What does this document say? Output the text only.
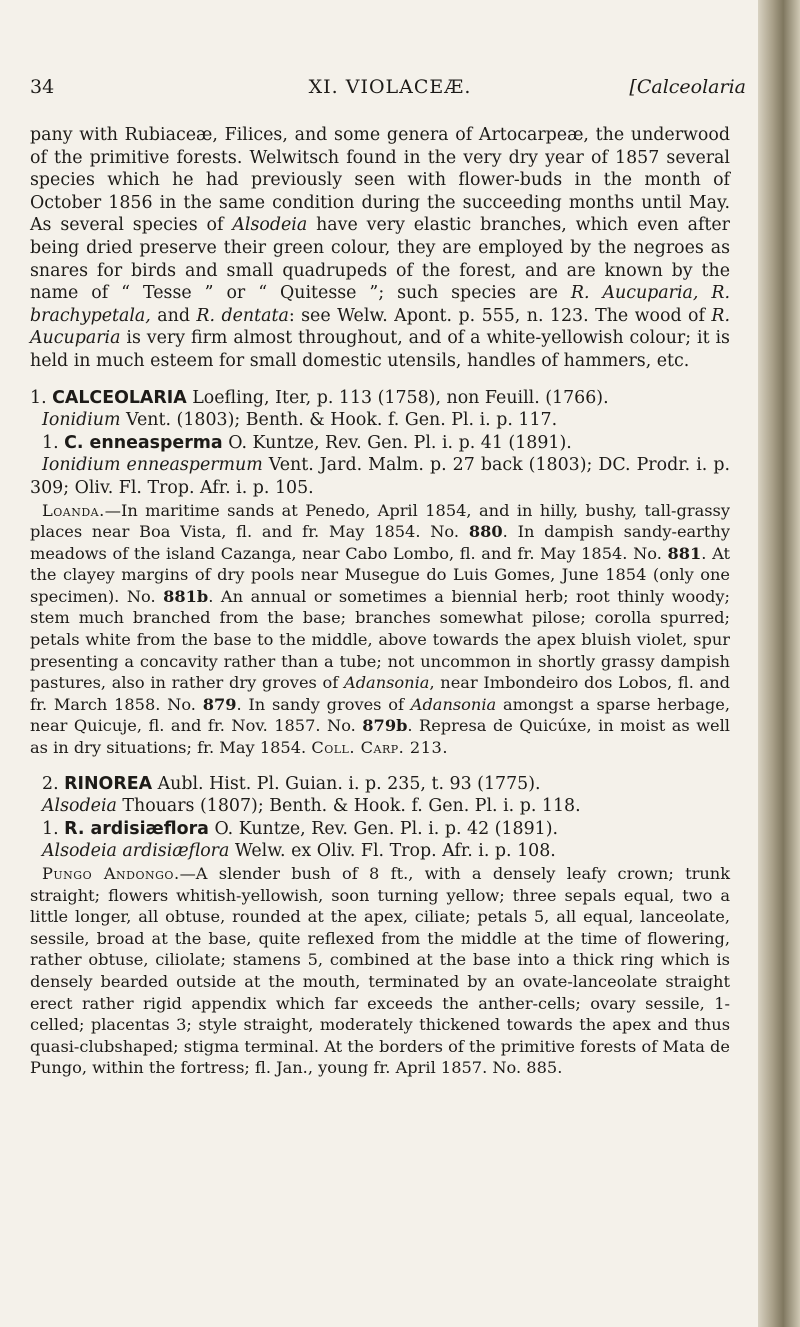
34	XI. VIOLACEÆ.	[Calceolaria

pany with Rubiaceæ, Filices, and some genera of Artocarpeæ, the underwood of the primitive forests. Welwitsch found in the very dry year of 1857 several species which he had previously seen with flower-buds in the month of October 1856 in the same condition during the succeeding months until May. As several species of Alsodeia have very elastic branches, which even after being dried preserve their green colour, they are employed by the negroes as snares for birds and small quadrupeds of the forest, and are known by the name of “ Tesse ” or “ Quitesse ”; such species are R. Aucuparia, R. brachypetala, and R. dentata: see Welw. Apont. p. 555, n. 123. The wood of R. Aucuparia is very firm almost throughout, and of a white-yellowish colour; it is held in much esteem for small domestic utensils, handles of hammers, etc.

1. CALCEOLARIA Loefling, Iter, p. 113 (1758), non Feuill. (1766).

Ionidium Vent. (1803); Benth. & Hook. f. Gen. Pl. i. p. 117.

1. C. enneasperma O. Kuntze, Rev. Gen. Pl. i. p. 41 (1891).

Ionidium enneaspermum Vent. Jard. Malm. p. 27 back (1803); DC. Prodr. i. p. 309; Oliv. Fl. Trop. Afr. i. p. 105.

Loanda.—In maritime sands at Penedo, April 1854, and in hilly, bushy, tall-grassy places near Boa Vista, fl. and fr. May 1854. No. 880. In dampish sandy-earthy meadows of the island Cazanga, near Cabo Lombo, fl. and fr. May 1854. No. 881. At the clayey margins of dry pools near Musegue do Luis Gomes, June 1854 (only one specimen). No. 881b. An annual or sometimes a biennial herb; root thinly woody; stem much branched from the base; branches somewhat pilose; corolla spurred; petals white from the base to the middle, above towards the apex bluish violet, spur presenting a concavity rather than a tube; not uncommon in shortly grassy dampish pastures, also in rather dry groves of Adansonia, near Imbondeiro dos Lobos, fl. and fr. March 1858. No. 879. In sandy groves of Adansonia amongst a sparse herbage, near Quicuje, fl. and fr. Nov. 1857. No. 879b. Represa de Quicúxe, in moist as well as in dry situations; fr. May 1854. Coll. Carp. 213.

2. RINOREA Aubl. Hist. Pl. Guian. i. p. 235, t. 93 (1775).

Alsodeia Thouars (1807); Benth. & Hook. f. Gen. Pl. i. p. 118.

1. R. ardisiæflora O. Kuntze, Rev. Gen. Pl. i. p. 42 (1891).

Alsodeia ardisiæflora Welw. ex Oliv. Fl. Trop. Afr. i. p. 108.

Pungo Andongo.—A slender bush of 8 ft., with a densely leafy crown; trunk straight; flowers whitish-yellowish, soon turning yellow; three sepals equal, two a little longer, all obtuse, rounded at the apex, ciliate; petals 5, all equal, lanceolate, sessile, broad at the base, quite reflexed from the middle at the time of flowering, rather obtuse, ciliolate; stamens 5, combined at the base into a thick ring which is densely bearded outside at the mouth, terminated by an ovate-lanceolate straight erect rather rigid appendix which far exceeds the anther-cells; ovary sessile, 1-celled; placentas 3; style straight, moderately thickened towards the apex and thus quasi-clubshaped; stigma terminal. At the borders of the primitive forests of Mata de Pungo, within the fortress; fl. Jan., young fr. April 1857. No. 885.
